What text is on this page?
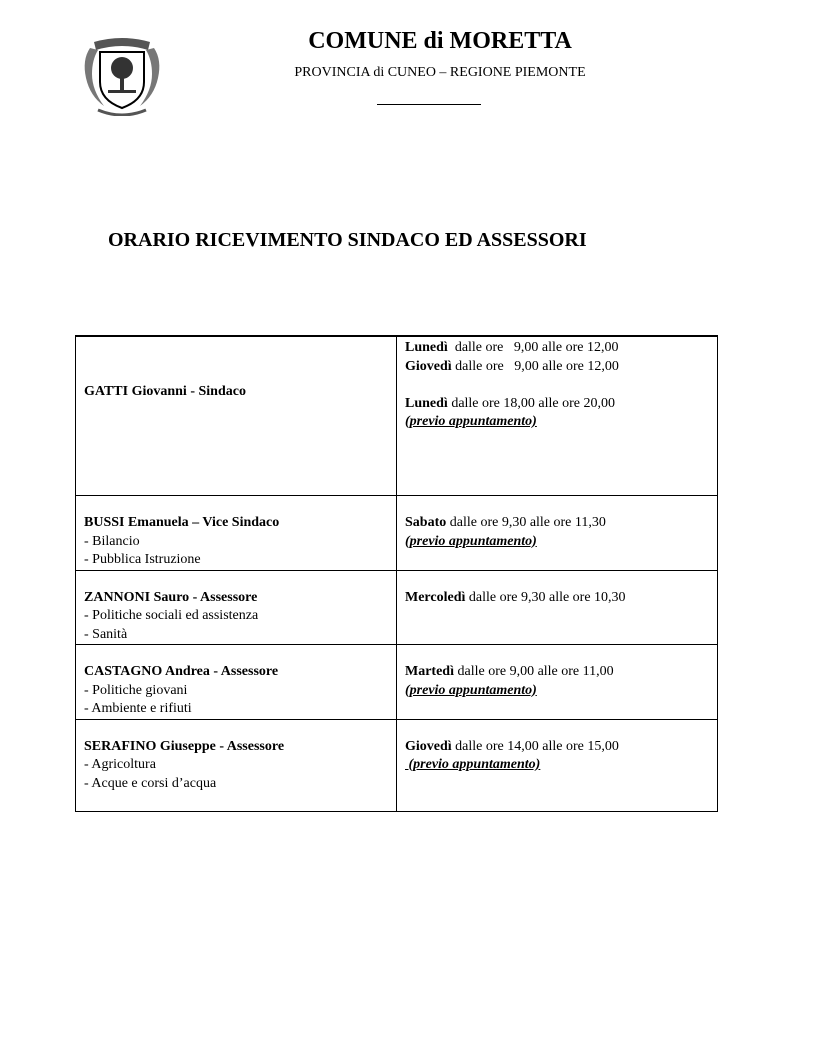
COMUNE di MORETTA
PROVINCIA di CUNEO – REGIONE PIEMONTE
ORARIO RICEVIMENTO SINDACO ED ASSESSORI
GATTI Giovanni - Sindaco	Lunedì  dalle ore   9,00 alle ore 12,00
Giovedì dalle ore   9,00 alle ore 12,00
Lunedì dalle ore 18,00 alle ore 20,00
(previo appuntamento)

BUSSI Emanuela – Vice Sindaco
- Bilancio
- Pubblica Istruzione	Sabato dalle ore 9,30 alle ore 11,30
(previo appuntamento)

ZANNONI Sauro - Assessore
- Politiche sociali ed assistenza
- Sanità	Mercoledì dalle ore 9,30 alle ore 10,30

CASTAGNO Andrea - Assessore
- Politiche giovani
- Ambiente e rifiuti	Martedì dalle ore 9,00 alle ore 11,00
(previo appuntamento)

SERAFINO Giuseppe - Assessore
- Agricoltura
- Acque e corsi d’acqua	Giovedì dalle ore 14,00 alle ore 15,00
(previo appuntamento)
